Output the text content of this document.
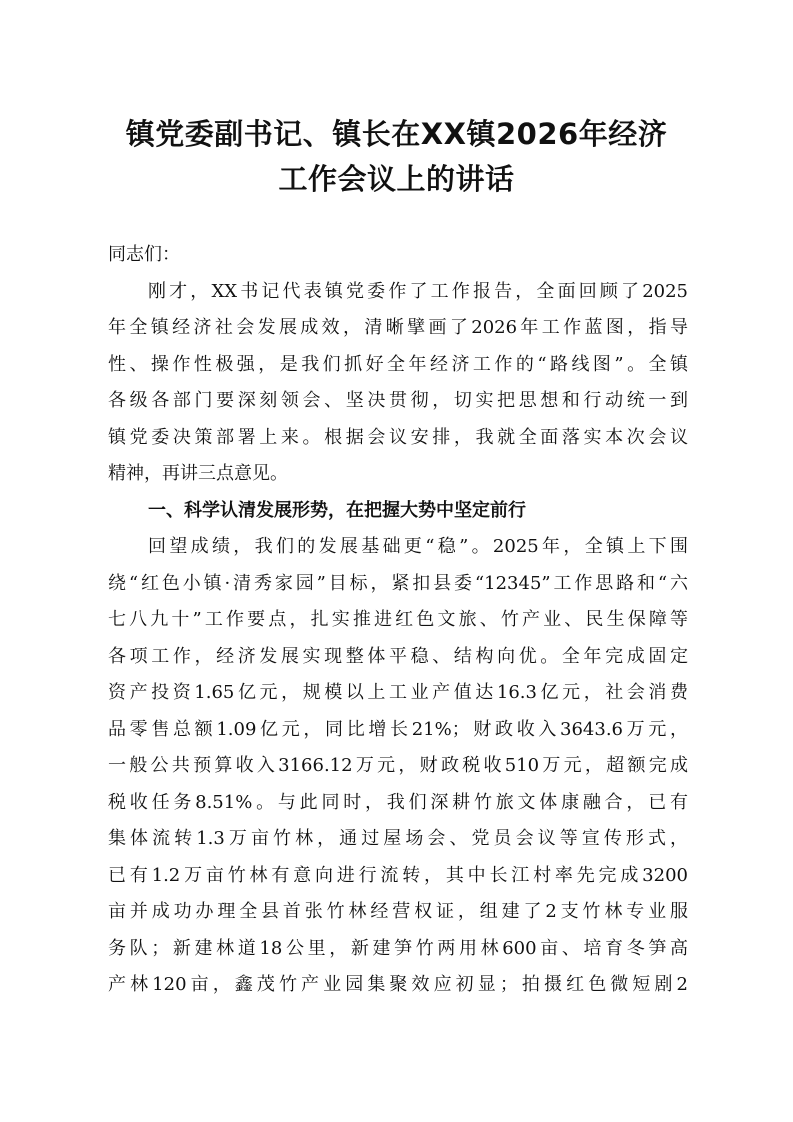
镇党委副书记、镇长在XX镇2026年经济
工作会议上的讲话
同志们：
刚才，XX书记代表镇党委作了工作报告，全面回顾了2025
年全镇经济社会发展成效，清晰擘画了2026年工作蓝图，指导
性、操作性极强，是我们抓好全年经济工作的“路线图”。全镇
各级各部门要深刻领会、坚决贯彻，切实把思想和行动统一到
镇党委决策部署上来。根据会议安排，我就全面落实本次会议
精神，再讲三点意见。
一、科学认清发展形势，在把握大势中坚定前行
回望成绩，我们的发展基础更“稳”。2025年，全镇上下围
绕“红色小镇·清秀家园”目标，紧扣县委“12345”工作思路和“六
七八九十”工作要点，扎实推进红色文旅、竹产业、民生保障等
各项工作，经济发展实现整体平稳、结构向优。全年完成固定
资产投资1.65亿元，规模以上工业产值达16.3亿元，社会消费
品零售总额1.09亿元，同比增长21%；财政收入3643.6万元，
一般公共预算收入3166.12万元，财政税收510万元，超额完成
税收任务8.51%。与此同时，我们深耕竹旅文体康融合，已有
集体流转1.3万亩竹林，通过屋场会、党员会议等宣传形式，
已有1.2万亩竹林有意向进行流转，其中长江村率先完成3200
亩并成功办理全县首张竹林经营权证，组建了2支竹林专业服
务队；新建林道18公里，新建笋竹两用林600亩、培育冬笋高
产林120亩，鑫茂竹产业园集聚效应初显；拍摄红色微短剧2
